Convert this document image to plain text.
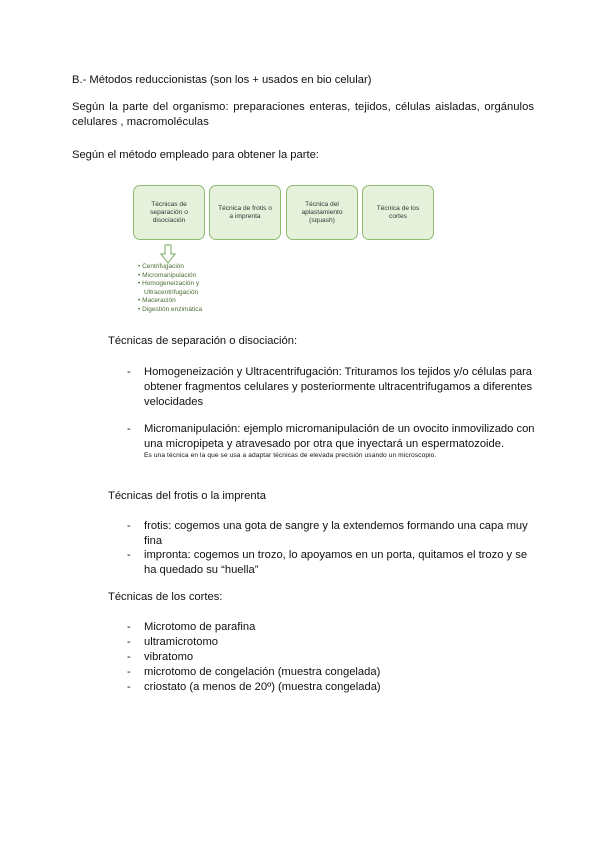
B.- Métodos reduccionistas (son los + usados en bio celular)
Según la parte del organismo: preparaciones enteras, tejidos, células aisladas, orgánulos celulares , macromoléculas
Según el método empleado para obtener la parte:
Técnicas de separación o disociación
Técnica de frotis o a imprenta
Técnica del aplastamiento (squash)
Técnica de los cortes
• Centrifugación
• Micromanipulación
• Homogeneización y
Ultracentrifugación
• Maceración
• Digestión enzimática
Técnicas de separación o disociación:
-	Homogeneización y Ultracentrifugación: Trituramos los tejidos y/o células para obtener fragmentos celulares y posteriormente ultracentrifugamos a diferentes velocidades
-	Micromanipulación: ejemplo micromanipulación de un ovocito inmovilizado con una micropipeta y atravesado por otra que inyectará un espermatozoide.
Es una técnica en la que se usa a adaptar técnicas de elevada precisión usando un microscopio.
Técnicas del frotis o la imprenta
-	frotis: cogemos una gota de sangre y la extendemos formando una capa muy fina
-	impronta: cogemos un trozo, lo apoyamos en un porta, quitamos el trozo y se ha quedado su “huella”
Técnicas de los cortes:
-	Microtomo de parafina
-	ultramicrotomo
-	vibratomo
-	microtomo de congelación (muestra congelada)
-	criostato (a menos de 20º) (muestra congelada)
